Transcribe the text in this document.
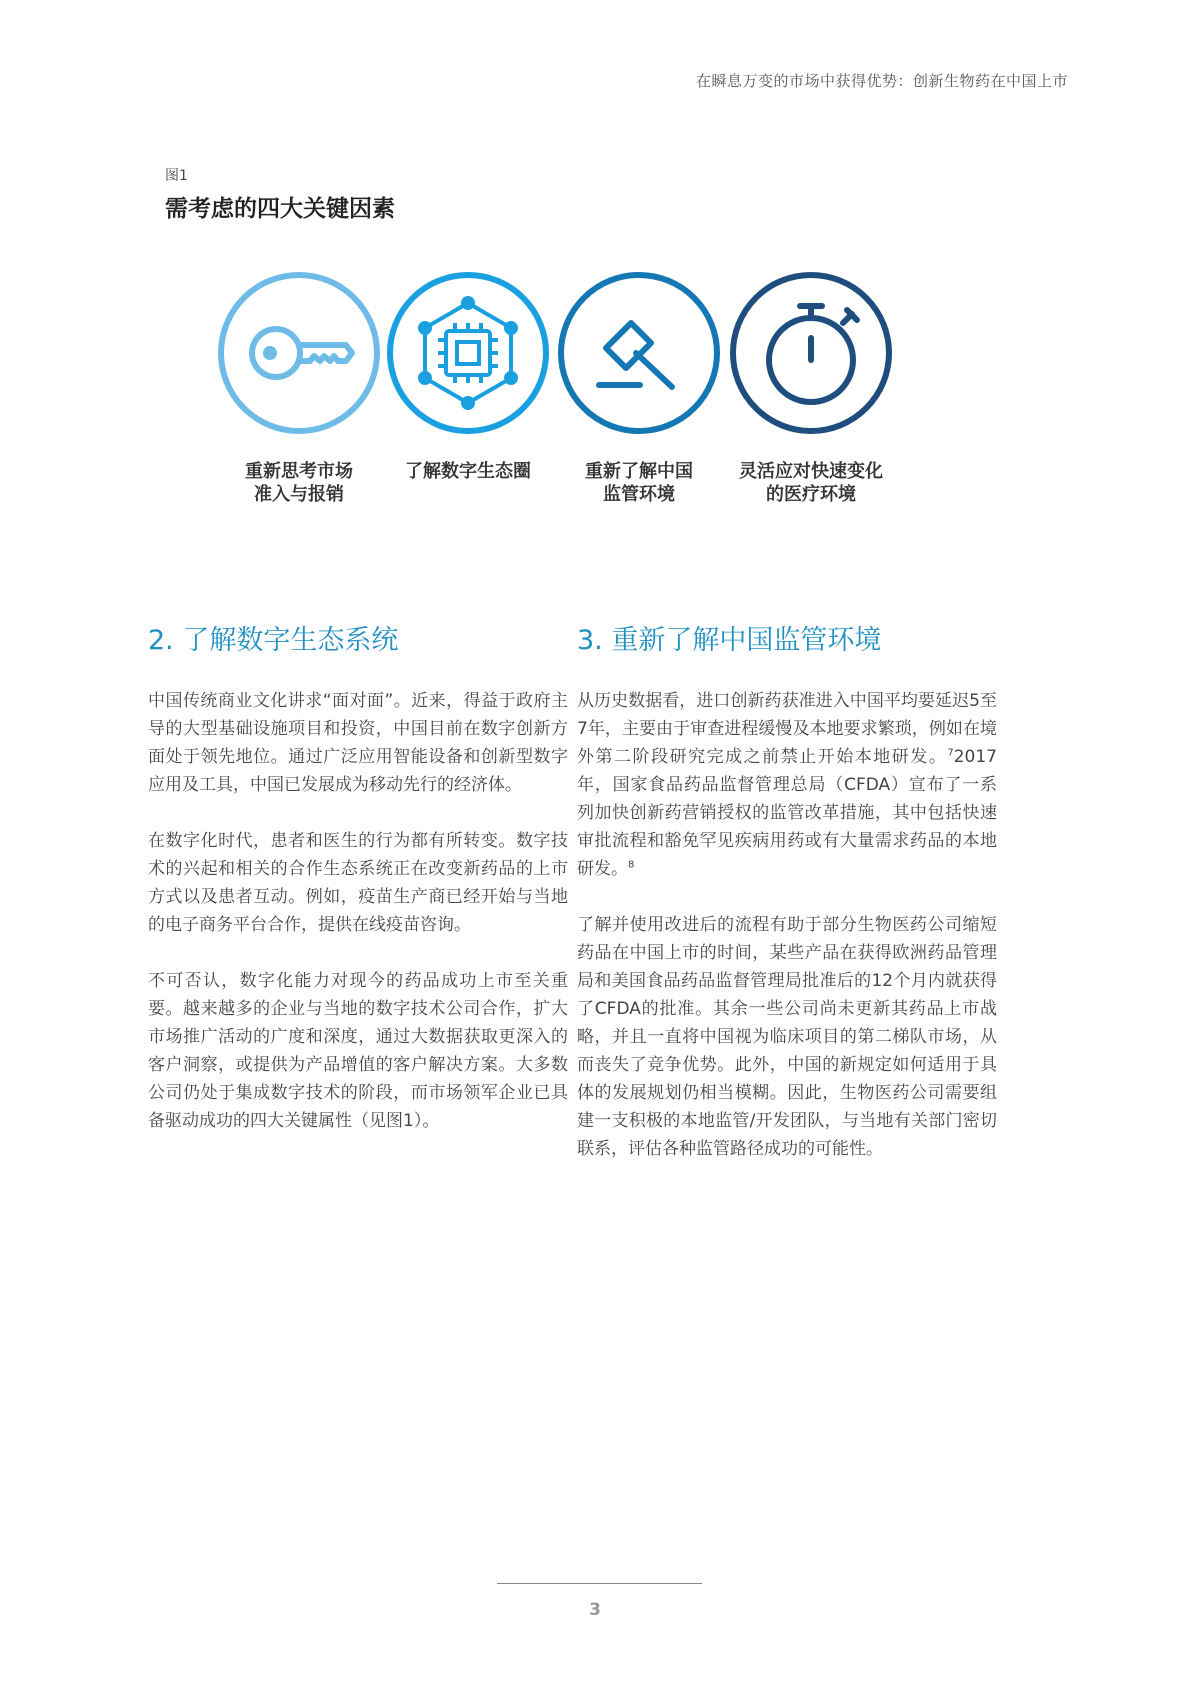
在瞬息万变的市场中获得优势：创新生物药在中国上市
图1
需考虑的四大关键因素
重新思考市场
准入与报销
了解数字生态圈	重新了解中国
监管环境
灵活应对快速变化
的医疗环境
2. 了解数字生态系统

中国传统商业文化讲求“面对面”。近来，得益于政府主导的大型基础设施项目和投资，中国目前在数字创新方面处于领先地位。通过广泛应用智能设备和创新型数字应用及工具，中国已发展成为移动先行的经济体。

在数字化时代，患者和医生的行为都有所转变。数字技术的兴起和相关的合作生态系统正在改变新药品的上市方式以及患者互动。例如，疫苗生产商已经开始与当地的电子商务平台合作，提供在线疫苗咨询。

不可否认，数字化能力对现今的药品成功上市至关重要。越来越多的企业与当地的数字技术公司合作，扩大市场推广活动的广度和深度，通过大数据获取更深入的客户洞察，或提供为产品增值的客户解决方案。大多数公司仍处于集成数字技术的阶段，而市场领军企业已具备驱动成功的四大关键属性（见图1）。

3. 重新了解中国监管环境

从历史数据看，进口创新药获准进入中国平均要延迟5至7年，主要由于审查进程缓慢及本地要求繁琐，例如在境外第二阶段研究完成之前禁止开始本地研发。$^7$2017年，国家食品药品监督管理总局（CFDA）宣布了一系列加快创新药营销授权的监管改革措施，其中包括快速审批流程和豁免罕见疾病用药或有大量需求药品的本地研发。$^8$

了解并使用改进后的流程有助于部分生物医药公司缩短药品在中国上市的时间，某些产品在获得欧洲药品管理局和美国食品药品监督管理局批准后的12个月内就获得了CFDA的批准。其余一些公司尚未更新其药品上市战略，并且一直将中国视为临床项目的第二梯队市场，从而丧失了竞争优势。此外，中国的新规定如何适用于具体的发展规划仍相当模糊。因此，生物医药公司需要组建一支积极的本地监管/开发团队，与当地有关部门密切联系，评估各种监管路径成功的可能性。

3
